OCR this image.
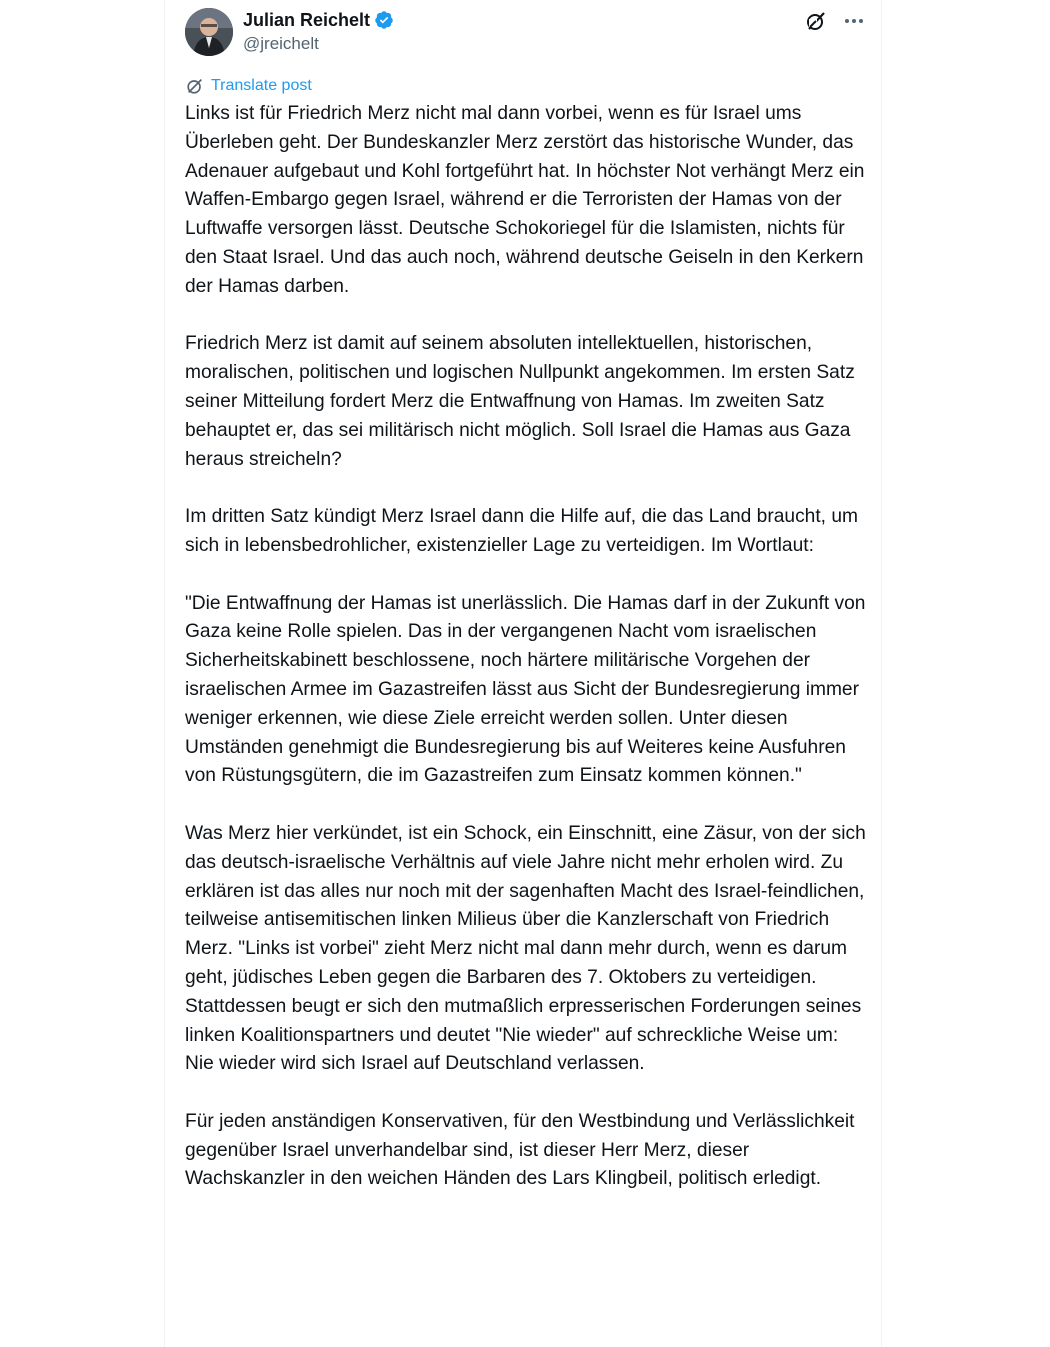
Julian Reichelt
@jreichelt
Translate post

Links ist für Friedrich Merz nicht mal dann vorbei, wenn es für Israel ums Überleben geht. Der Bundeskanzler Merz zerstört das historische Wunder, das Adenauer aufgebaut und Kohl fortgeführt hat. In höchster Not verhängt Merz ein Waffen-Embargo gegen Israel, während er die Terroristen der Hamas von der Luftwaffe versorgen lässt. Deutsche Schokoriegel für die Islamisten, nichts für den Staat Israel. Und das auch noch, während deutsche Geiseln in den Kerkern der Hamas darben.

Friedrich Merz ist damit auf seinem absoluten intellektuellen, historischen, moralischen, politischen und logischen Nullpunkt angekommen. Im ersten Satz seiner Mitteilung fordert Merz die Entwaffnung von Hamas. Im zweiten Satz behauptet er, das sei militärisch nicht möglich. Soll Israel die Hamas aus Gaza heraus streicheln?

Im dritten Satz kündigt Merz Israel dann die Hilfe auf, die das Land braucht, um sich in lebensbedrohlicher, existenzieller Lage zu verteidigen. Im Wortlaut:

"Die Entwaffnung der Hamas ist unerlässlich. Die Hamas darf in der Zukunft von Gaza keine Rolle spielen. Das in der vergangenen Nacht vom israelischen Sicherheitskabinett beschlossene, noch härtere militärische Vorgehen der israelischen Armee im Gazastreifen lässt aus Sicht der Bundesregierung immer weniger erkennen, wie diese Ziele erreicht werden sollen. Unter diesen Umständen genehmigt die Bundesregierung bis auf Weiteres keine Ausfuhren von Rüstungsgütern, die im Gazastreifen zum Einsatz kommen können."

Was Merz hier verkündet, ist ein Schock, ein Einschnitt, eine Zäsur, von der sich das deutsch-israelische Verhältnis auf viele Jahre nicht mehr erholen wird. Zu erklären ist das alles nur noch mit der sagenhaften Macht des Israel-feindlichen, teilweise antisemitischen linken Milieus über die Kanzlerschaft von Friedrich Merz. "Links ist vorbei" zieht Merz nicht mal dann mehr durch, wenn es darum geht, jüdisches Leben gegen die Barbaren des 7. Oktobers zu verteidigen. Stattdessen beugt er sich den mutmaßlich erpresserischen Forderungen seines linken Koalitionspartners und deutet "Nie wieder" auf schreckliche Weise um: Nie wieder wird sich Israel auf Deutschland verlassen.

Für jeden anständigen Konservativen, für den Westbindung und Verlässlichkeit gegenüber Israel unverhandelbar sind, ist dieser Herr Merz, dieser Wachskanzler in den weichen Händen des Lars Klingbeil, politisch erledigt.
